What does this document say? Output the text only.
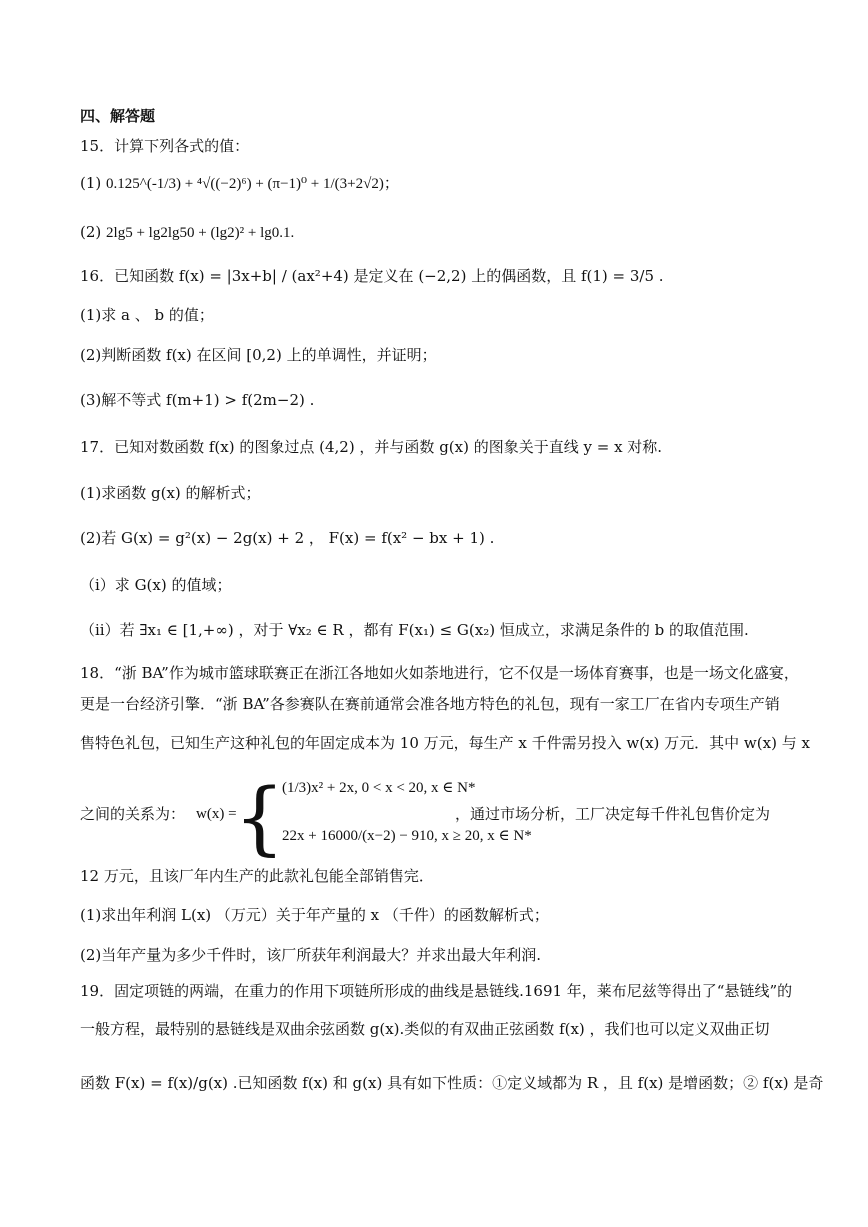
四、解答题
15．计算下列各式的值：
(1) 0.125^(-1/3) + ⁴√((−2)⁶) + (π−1)⁰ + 1/(3+2√2)；
(2) 2lg5 + lg2lg50 + (lg2)² + lg0.1.
16．已知函数 f(x) = |3x+b| / (ax²+4) 是定义在 (−2,2) 上的偶函数，且 f(1) = 3/5 .
(1)求 a 、 b 的值；
(2)判断函数 f(x) 在区间 [0,2) 上的单调性，并证明；
(3)解不等式 f(m+1) > f(2m−2) .
17．已知对数函数 f(x) 的图象过点 (4,2) ，并与函数 g(x) 的图象关于直线 y = x 对称.
(1)求函数 g(x) 的解析式；
(2)若 G(x) = g²(x) − 2g(x) + 2 ， F(x) = f(x² − bx + 1) .
（i）求 G(x) 的值域；
（ii）若 ∃x₁ ∈ [1,+∞) ，对于 ∀x₂ ∈ R ，都有 F(x₁) ≤ G(x₂) 恒成立，求满足条件的 b 的取值范围.
18．“浙 BA”作为城市篮球联赛正在浙江各地如火如荼地进行，它不仅是一场体育赛事，也是一场文化盛宴，
更是一台经济引擎．“浙 BA”各参赛队在赛前通常会准各地方特色的礼包，现有一家工厂在省内专项生产销
售特色礼包，已知生产这种礼包的年固定成本为 10 万元，每生产 x 千件需另投入 w(x) 万元．其中 w(x) 与 x
之间的关系为： w(x) =
{
(1/3)x² + 2x, 0 < x < 20, x ∈ N*
22x + 16000/(x−2) − 910, x ≥ 20, x ∈ N*
，通过市场分析，工厂决定每千件礼包售价定为
12 万元，且该厂年内生产的此款礼包能全部销售完．
(1)求出年利润 L(x) （万元）关于年产量的 x （千件）的函数解析式；
(2)当年产量为多少千件时，该厂所获年利润最大？并求出最大年利润.
19．固定项链的两端，在重力的作用下项链所形成的曲线是悬链线.1691 年，莱布尼兹等得出了“悬链线”的
一般方程，最特别的悬链线是双曲余弦函数 g(x).类似的有双曲正弦函数 f(x) ，我们也可以定义双曲正切
函数 F(x) = f(x)/g(x) .已知函数 f(x) 和 g(x) 具有如下性质：①定义域都为 R ，且 f(x) 是增函数；② f(x) 是奇
